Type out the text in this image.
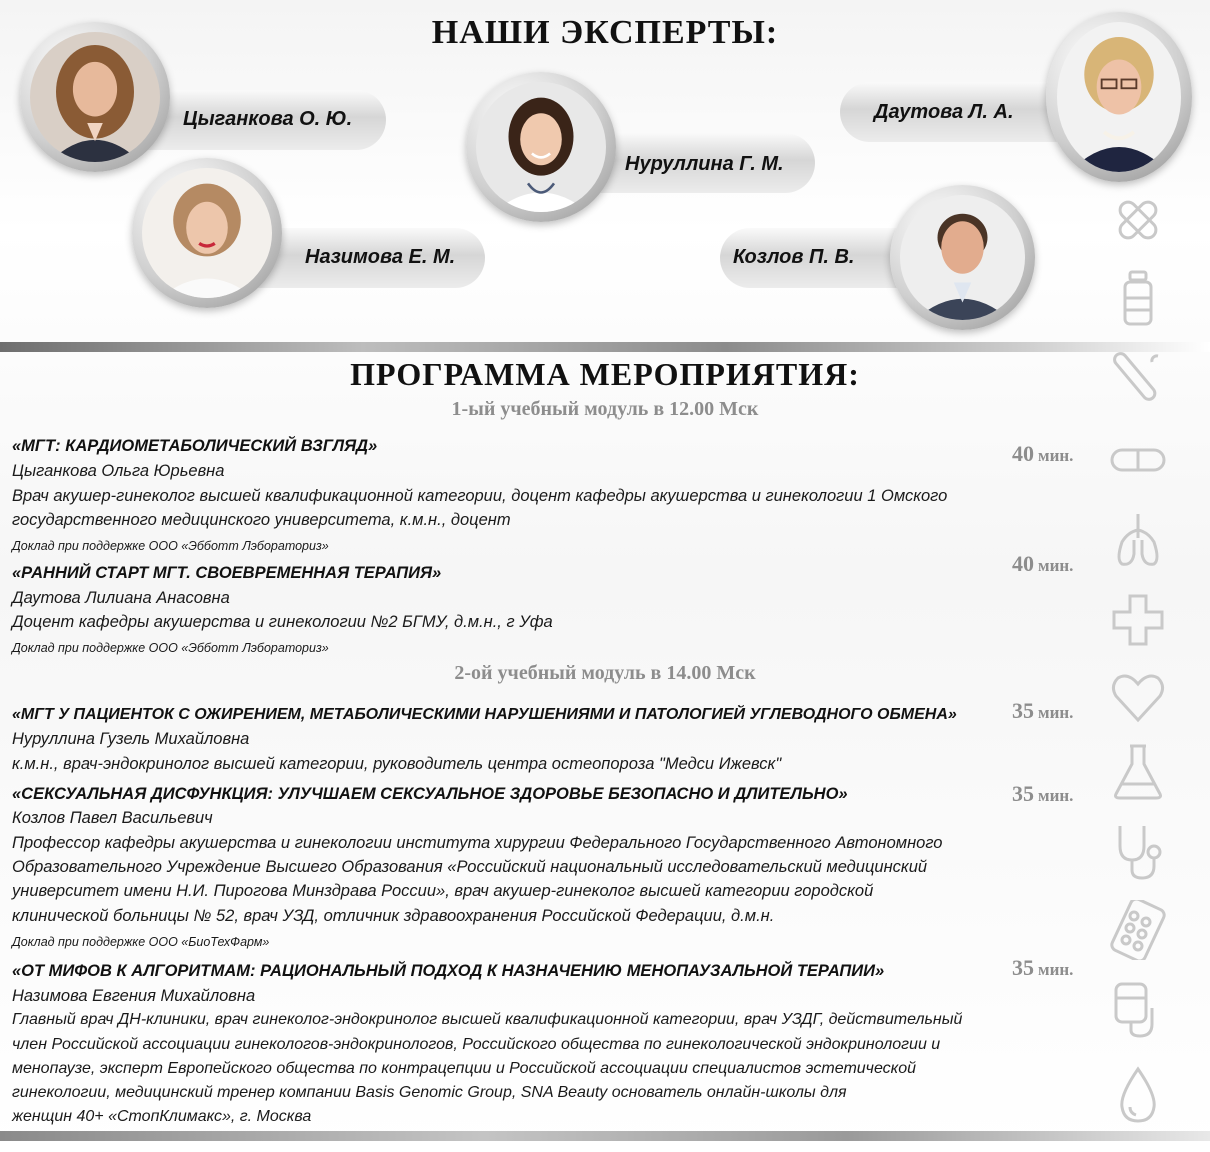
НАШИ ЭКСПЕРТЫ:
Цыганкова О. Ю.
Назимова Е. М.
Нуруллина Г. М.
Даутова Л. А.
Козлов П. В.
ПРОГРАММА МЕРОПРИЯТИЯ:
1-ый учебный модуль в 12.00 Мск
«МГТ: КАРДИОМЕТАБОЛИЧЕСКИЙ ВЗГЛЯД»	40 мин.
Цыганкова Ольга Юрьевна
Врач акушер-гинеколог высшей квалификационной категории, доцент кафедры акушерства и гинекологии 1 Омского
государственного медицинского университета, к.м.н., доцент
Доклад при поддержке ООО «Эбботт Лэбораториз»
«РАННИЙ СТАРТ МГТ. СВОЕВРЕМЕННАЯ ТЕРАПИЯ»	40 мин.
Даутова Лилиана Анасовна
Доцент кафедры акушерства и гинекологии №2 БГМУ, д.м.н., г Уфа
Доклад при поддержке ООО «Эбботт Лэбораториз»
2-ой учебный модуль в 14.00 Мск
«МГТ У ПАЦИЕНТОК С ОЖИРЕНИЕМ, МЕТАБОЛИЧЕСКИМИ НАРУШЕНИЯМИ И ПАТОЛОГИЕЙ УГЛЕВОДНОГО ОБМЕНА»	35 мин.
Нуруллина Гузель Михайловна
к.м.н., врач-эндокринолог высшей категории, руководитель центра остеопороза "Медси Ижевск"
«СЕКСУАЛЬНАЯ ДИСФУНКЦИЯ: УЛУЧШАЕМ СЕКСУАЛЬНОЕ ЗДОРОВЬЕ БЕЗОПАСНО И ДЛИТЕЛЬНО»	35 мин.
Козлов Павел Васильевич
Профессор кафедры акушерства и гинекологии института хирургии Федерального Государственного Автономного
Образовательного Учреждение Высшего Образования «Российский национальный исследовательский медицинский
университет имени Н.И. Пирогова Минздрава России», врач акушер-гинеколог высшей категории городской
клинической больницы № 52, врач УЗД, отличник здравоохранения Российской Федерации, д.м.н.
Доклад при поддержке ООО «БиоТехФарм»
«ОТ МИФОВ К АЛГОРИТМАМ: РАЦИОНАЛЬНЫЙ ПОДХОД К НАЗНАЧЕНИЮ МЕНОПАУЗАЛЬНОЙ ТЕРАПИИ»	35 мин.
Назимова Евгения Михайловна
Главный врач ДН-клиники, врач гинеколог-эндокринолог высшей квалификационной категории, врач УЗДГ, действительный
член Российской ассоциации гинекологов-эндокринологов, Российского общества по гинекологической эндокринологии и
менопаузе, эксперт Европейского общества по контрацепции и Российской ассоциации специалистов эстетической
гинекологии, медицинский тренер компании Basis Genomic Group, SNA Beauty основатель онлайн-школы для
женщин 40+ «СтопКлимакс», г. Москва
